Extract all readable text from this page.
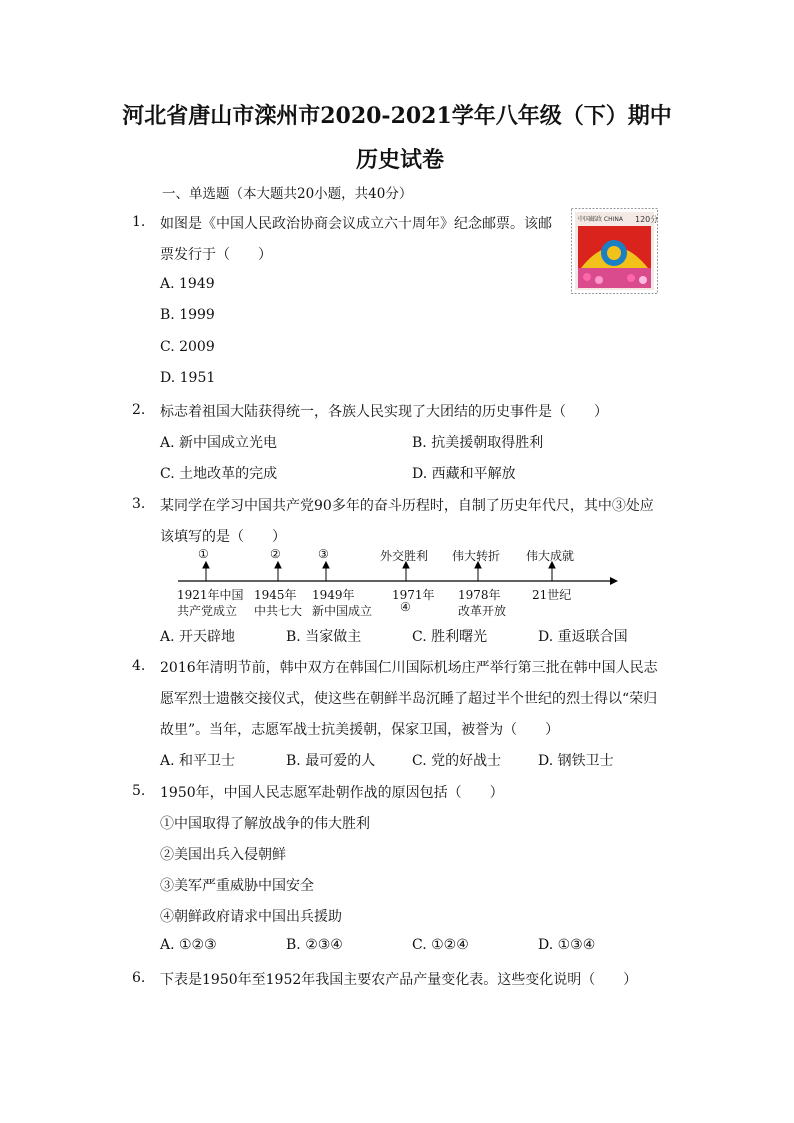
河北省唐山市滦州市2020-2021学年八年级（下）期中
历史试卷
一、单选题（本大题共20小题，共40分）
1. 如图是《中国人民政治协商会议成立六十周年》纪念邮票。该邮
票发行于（　　）
A. 1949
B. 1999
C. 2009
D. 1951
中国邮政 CHINA 120分
2. 标志着祖国大陆获得统一，各族人民实现了大团结的历史事件是（　　）
A. 新中国成立光电	B. 抗美援朝取得胜利
C. 土地改革的完成	D. 西藏和平解放
3. 某同学在学习中国共产党90多年的奋斗历程时，自制了历史年代尺，其中③处应
该填写的是（　　）
①	②	③	外交胜利 伟大转折 伟大成就
1921年中国 1945年 1949年	1971年 1978年	21世纪
共产党成立 中共七大 新中国成立 ④	改革开放
A. 开天辟地	B. 当家做主	C. 胜利曙光	D. 重返联合国
4. 2016年清明节前，韩中双方在韩国仁川国际机场庄严举行第三批在韩中国人民志
愿军烈士遗骸交接仪式，使这些在朝鲜半岛沉睡了超过半个世纪的烈士得以“荣归
故里”。当年，志愿军战士抗美援朝，保家卫国，被誉为（　　）
A. 和平卫士	B. 最可爱的人	C. 党的好战士	D. 钢铁卫士
5. 1950年，中国人民志愿军赴朝作战的原因包括（　　）
①中国取得了解放战争的伟大胜利
②美国出兵入侵朝鲜
③美军严重威胁中国安全
④朝鲜政府请求中国出兵援助
A. ①②③	B. ②③④	C. ①②④	D. ①③④
6. 下表是1950年至1952年我国主要农产品产量变化表。这些变化说明（　　）
